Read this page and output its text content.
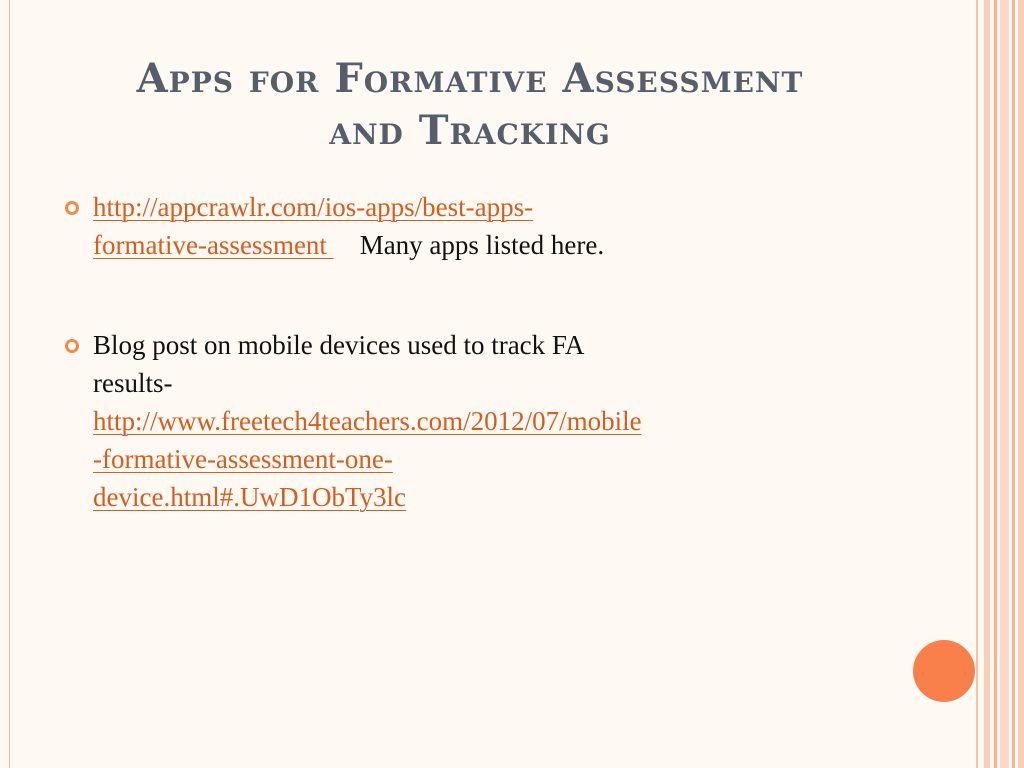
Apps for Formative Assessment
and Tracking
http://appcrawlr.com/ios-apps/best-apps-
formative-assessment Many apps listed here.
Blog post on mobile devices used to track FA
results-
http://www.freetech4teachers.com/2012/07/mobile
-formative-assessment-one-
device.html#.UwD1ObTy3lc
